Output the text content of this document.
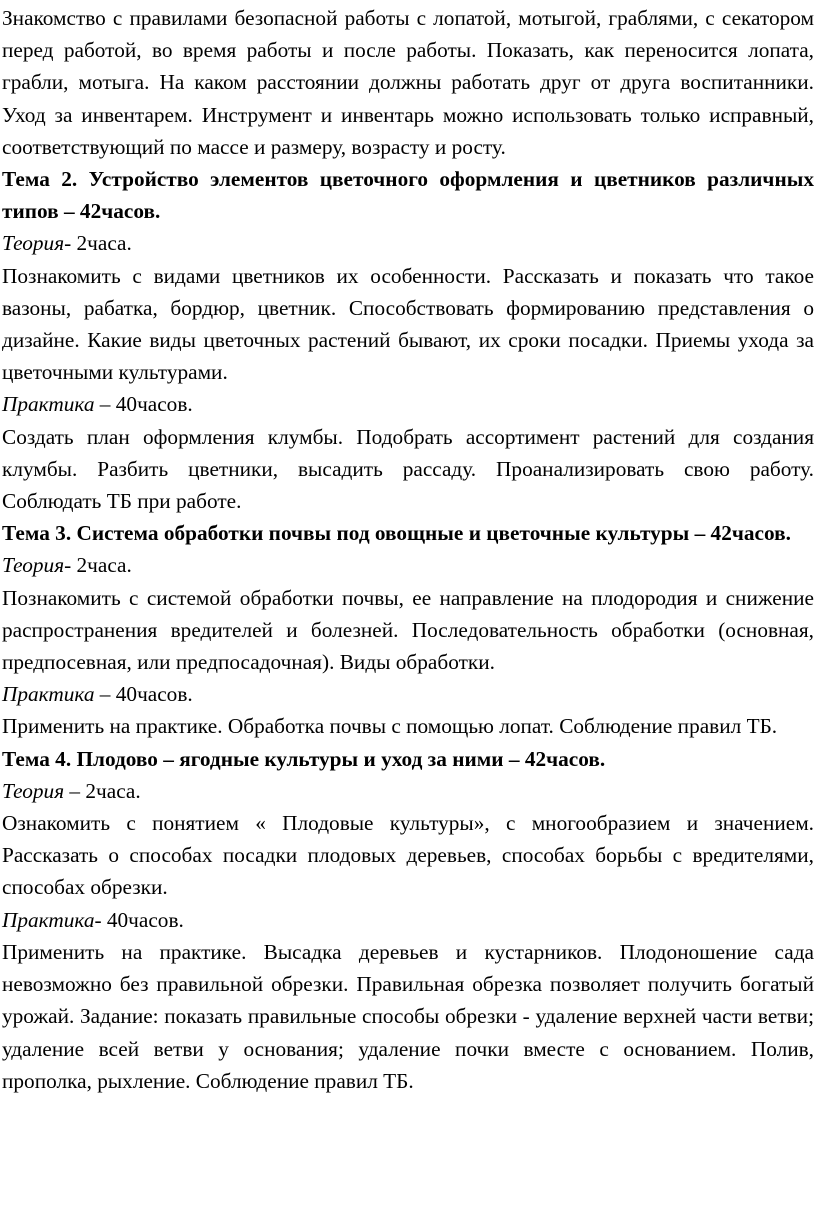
Знакомство с правилами безопасной работы с лопатой, мотыгой, граблями, с секатором перед работой, во время работы и после работы. Показать, как переносится лопата, грабли, мотыга. На каком расстоянии должны работать друг от друга воспитанники. Уход за инвентарем. Инструмент и инвентарь можно использовать только исправный, соответствующий по массе и размеру, возрасту и росту.

Тема 2. Устройство элементов цветочного оформления и цветников различных типов – 42часов.

Теория- 2часа.

Познакомить с видами цветников их особенности. Рассказать и показать что такое вазоны, рабатка, бордюр, цветник. Способствовать формированию представления о дизайне. Какие виды цветочных растений бывают, их сроки посадки. Приемы ухода за цветочными культурами.

Практика – 40часов.

Создать план оформления клумбы. Подобрать ассортимент растений для создания клумбы. Разбить цветники, высадить рассаду. Проанализировать свою работу. Соблюдать ТБ при работе.

Тема 3. Система обработки почвы под овощные и цветочные культуры – 42часов.

Теория- 2часа.

Познакомить с системой обработки почвы, ее направление на плодородия и снижение распространения вредителей и болезней. Последовательность обработки (основная, предпосевная, или предпосадочная). Виды обработки.

Практика – 40часов.

Применить на практике. Обработка почвы с помощью лопат. Соблюдение правил ТБ.

Тема 4. Плодово – ягодные культуры и уход за ними – 42часов.

Теория – 2часа.

Ознакомить с понятием « Плодовые культуры», с многообразием и значением. Рассказать о способах посадки плодовых деревьев, способах борьбы с вредителями, способах обрезки.

Практика- 40часов.

Применить на практике. Высадка деревьев и кустарников. Плодоношение сада невозможно без правильной обрезки. Правильная обрезка позволяет получить богатый урожай. Задание: показать правильные способы обрезки - удаление верхней части ветви; удаление всей ветви у основания; удаление почки вместе с основанием. Полив, прополка, рыхление. Соблюдение правил ТБ.
